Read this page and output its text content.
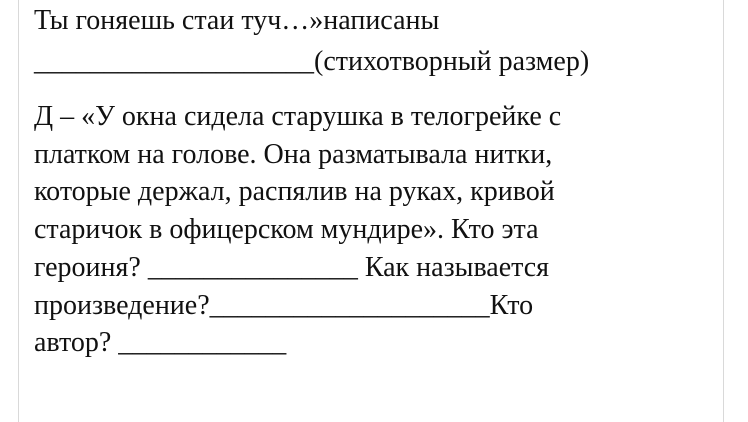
Ты гоняешь стаи туч…»написаны
____________________(стихотворный размер)
Д – «У окна сидела старушка в телогрейке с
платком на голове. Она разматывала нитки,
которые держал, распялив на руках, кривой
старичок в офицерском мундире». Кто эта
героиня? _______________ Как называется
произведение?____________________Кто
автор? ____________
